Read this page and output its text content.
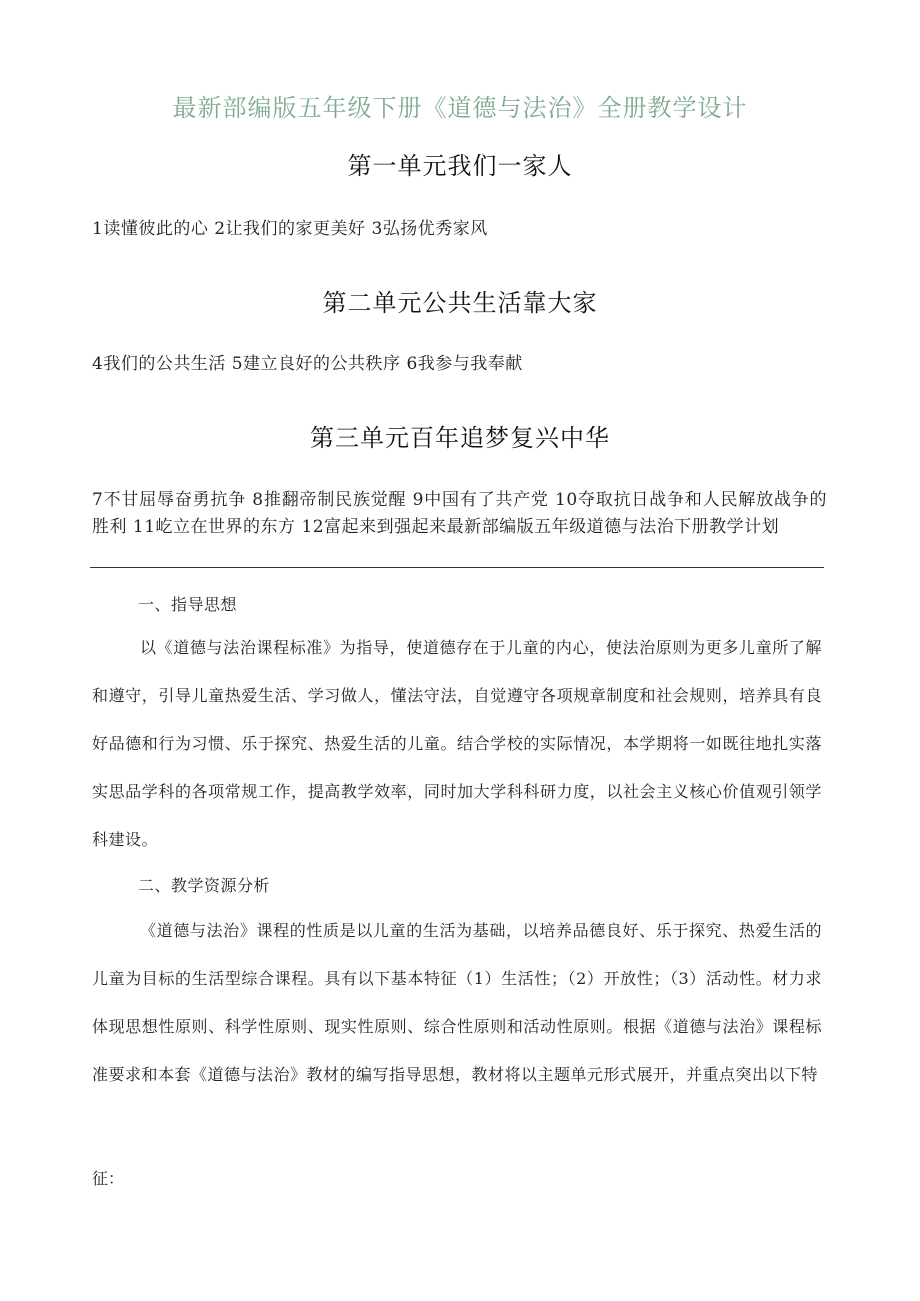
最新部编版五年级下册《道德与法治》全册教学设计
第一单元我们一家人
1读懂彼此的心 2让我们的家更美好 3弘扬优秀家风
第二单元公共生活靠大家
4我们的公共生活 5建立良好的公共秩序 6我参与我奉献
第三单元百年追梦复兴中华
7不甘屈辱奋勇抗争 8推翻帝制民族觉醒 9中国有了共产党 10夺取抗日战争和人民解放战争的胜利 11屹立在世界的东方 12富起来到强起来最新部编版五年级道德与法治下册教学计划
一、指导思想
以《道德与法治课程标准》为指导，使道德存在于儿童的内心，使法治原则为更多儿童所了解和遵守，引导儿童热爱生活、学习做人，懂法守法，自觉遵守各项规章制度和社会规则，培养具有良好品德和行为习惯、乐于探究、热爱生活的儿童。结合学校的实际情况，本学期将一如既往地扎实落实思品学科的各项常规工作，提高教学效率，同时加大学科科研力度，以社会主义核心价值观引领学科建设。
二、教学资源分析
《道德与法治》课程的性质是以儿童的生活为基础，以培养品德良好、乐于探究、热爱生活的儿童为目标的生活型综合课程。具有以下基本特征（1）生活性；（2）开放性；（3）活动性。材力求体现思想性原则、科学性原则、现实性原则、综合性原则和活动性原则。根据《道德与法治》课程标准要求和本套《道德与法治》教材的编写指导思想，教材将以主题单元形式展开，并重点突出以下特
征：
